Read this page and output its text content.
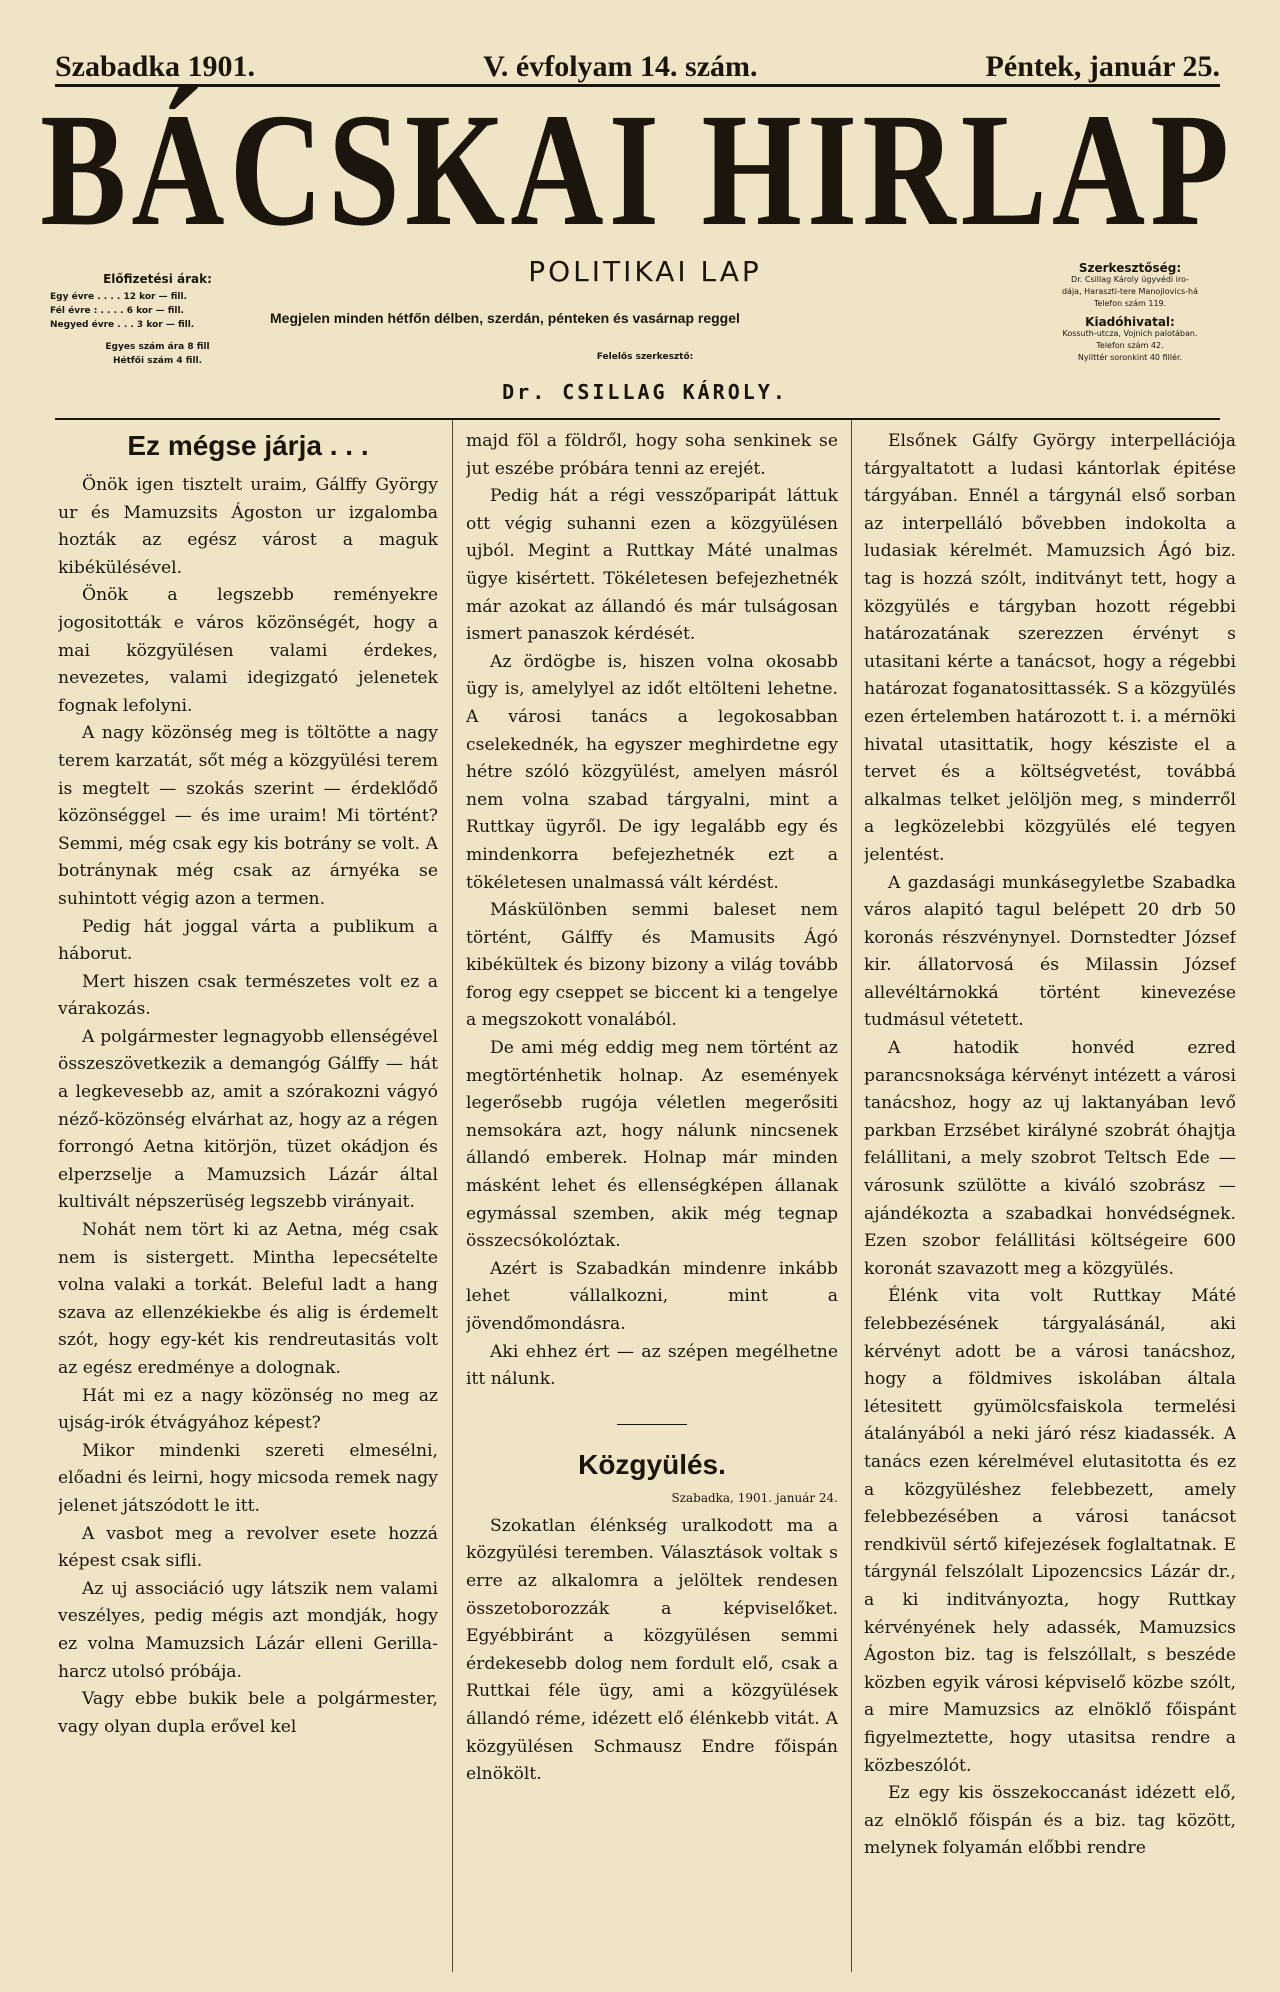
Szabadka 1901.	V. évfolyam 14. szám.	Péntek, január 25.
BÁCSKAI HIRLAP
POLITIKAI LAP
Előfizetési árak:
Egy évre . . . . 12 kor — fill.
Fél évre : . . . . 6 kor — fill.
Negyed évre . . . 3 kor — fill.
Egyes szám ára 8 fill
Hétfői szám 4 fill.
Megjelen minden hétfőn délben, szerdán, pénteken és vasárnap reggel
Szerkesztőség:
Dr. Csillag Károly ügyvédi iro-
dája, Haraszti-tere Manojlovics-há
Telefon szám 119.
Kiadóhivatal:
Kossuth-utcza, Vojnich palotában.
Telefon szám 42.
Nyilttér soronkint 40 fillér.
Felelős szerkesztő:
Dr. CSILLAG KÁROLY.
Ez mégse járja . . .

Önök igen tisztelt uraim, Gálffy György ur és Mamuzsits Ágoston ur izgalomba hozták az egész várost a maguk kibékülésével.

Önök a legszebb reményekre jogositották e város közönségét, hogy a mai közgyülésen valami érdekes, nevezetes, valami idegizgató jelenetek fognak lefolyni.

A nagy közönség meg is töltötte a nagy terem karzatát, sőt még a közgyülési terem is megtelt — szokás szerint — érdeklődő közönséggel — és ime uraim! Mi történt? Semmi, még csak egy kis botrány se volt. A botránynak még csak az árnyéka se suhintott végig azon a termen.

Pedig hát joggal várta a publikum a háborut.

Mert hiszen csak természetes volt ez a várakozás.

A polgármester legnagyobb ellenségével összeszövetkezik a demangóg Gálffy — hát a legkevesebb az, amit a szórakozni vágyó néző-közönség elvárhat az, hogy az a régen forrongó Aetna kitörjön, tüzet okádjon és elperzselje a Mamuzsich Lázár által kultivált népszerüség legszebb virányait.

Nohát nem tört ki az Aetna, még csak nem is sistergett. Mintha lepecsételte volna valaki a torkát. Beleful ladt a hang szava az ellenzékiekbe és alig is érdemelt szót, hogy egy-két kis rendreutasitás volt az egész eredménye a dolognak.

Hát mi ez a nagy közönség no meg az ujság-irók étvágyához képest?

Mikor mindenki szereti elmesélni, előadni és leirni, hogy micsoda remek nagy jelenet játszódott le itt.

A vasbot meg a revolver esete hozzá képest csak sifli.

Az uj associáció ugy látszik nem valami veszélyes, pedig mégis azt mondják, hogy ez volna Mamuzsich Lázár elleni Gerilla-harcz utolsó próbája.

Vagy ebbe bukik bele a polgármester, vagy olyan dupla erővel kel

majd föl a földről, hogy soha senkinek se jut eszébe próbára tenni az erejét.

Pedig hát a régi vesszőparipát láttuk ott végig suhanni ezen a közgyülésen ujból. Megint a Ruttkay Máté unalmas ügye kisértett. Tökéletesen befejezhetnék már azokat az állandó és már tulságosan ismert panaszok kérdését.

Az ördögbe is, hiszen volna okosabb ügy is, amelylyel az időt eltölteni lehetne. A városi tanács a legokosabban cselekednék, ha egyszer meghirdetne egy hétre szóló közgyülést, amelyen másról nem volna szabad tárgyalni, mint a Ruttkay ügyről. De igy legalább egy és mindenkorra befejezhetnék ezt a tökéletesen unalmassá vált kérdést.

Máskülönben semmi baleset nem történt, Gálffy és Mamusits Ágó kibékültek és bizony bizony a világ tovább forog egy cseppet se biccent ki a tengelye a megszokott vonalából.

De ami még eddig meg nem történt az megtörténhetik holnap. Az események legerősebb rugója véletlen megerősiti nemsokára azt, hogy nálunk nincsenek állandó emberek. Holnap már minden másként lehet és ellenségképen állanak egymással szemben, akik még tegnap összecsókolóztak.

Azért is Szabadkán mindenre inkább lehet vállalkozni, mint a jövendőmondásra.

Aki ehhez ért — az szépen megélhetne itt nálunk.

Közgyülés.
Szabadka, 1901. január 24.

Szokatlan élénkség uralkodott ma a közgyülési teremben. Választások voltak s erre az alkalomra a jelöltek rendesen összetoborozzák a képviselőket. Egyébbiránt a közgyülésen semmi érdekesebb dolog nem fordult elő, csak a Ruttkai féle ügy, ami a közgyülések állandó réme, idézett elő élénkebb vitát. A közgyülésen Schmausz Endre főispán elnökölt.

Elsőnek Gálfy György interpellációja tárgyaltatott a ludasi kántorlak épitése tárgyában. Ennél a tárgynál első sorban az interpelláló bővebben indokolta a ludasiak kérelmét. Mamuzsich Ágó biz. tag is hozzá szólt, inditványt tett, hogy a közgyülés e tárgyban hozott régebbi határozatának szerezzen érvényt s utasitani kérte a tanácsot, hogy a régebbi határozat foganatosittassék. S a közgyülés ezen értelemben határozott t. i. a mérnöki hivatal utasittatik, hogy késziste el a tervet és a költségvetést, továbbá alkalmas telket jelöljön meg, s minderről a legközelebbi közgyülés elé tegyen jelentést.

A gazdasági munkásegyletbe Szabadka város alapitó tagul belépett 20 drb 50 koronás részvénynyel. Dornstedter József kir. állatorvosá és Milassin József allevéltárnokká történt kinevezése tudmásul vétetett.

A hatodik honvéd ezred parancsnoksága kérvényt intézett a városi tanácshoz, hogy az uj laktanyában levő parkban Erzsébet királyné szobrát óhajtja felállitani, a mely szobrot Teltsch Ede — városunk szülötte a kiváló szobrász — ajándékozta a szabadkai honvédségnek. Ezen szobor felállitási költségeire 600 koronát szavazott meg a közgyülés.

Élénk vita volt Ruttkay Máté felebbezésének tárgyalásánál, aki kérvényt adott be a városi tanácshoz, hogy a földmives iskolában általa létesitett gyümölcsfaiskola termelési átalányából a neki járó rész kiadassék. A tanács ezen kérelmével elutasitotta és ez a közgyüléshez felebbezett, amely felebbezésében a városi tanácsot rendkivül sértő kifejezések foglaltatnak. E tárgynál felszólalt Lipozencsics Lázár dr., a ki inditványozta, hogy Ruttkay kérvényének hely adassék, Mamuzsics Ágoston biz. tag is felszóllalt, s beszéde közben egyik városi képviselő közbe szólt, a mire Mamuzsics az elnöklő főispánt figyelmeztette, hogy utasitsa rendre a közbeszólót.

Ez egy kis összekoccanást idézett elő, az elnöklő főispán és a biz. tag között, melynek folyamán előbbi rendre
